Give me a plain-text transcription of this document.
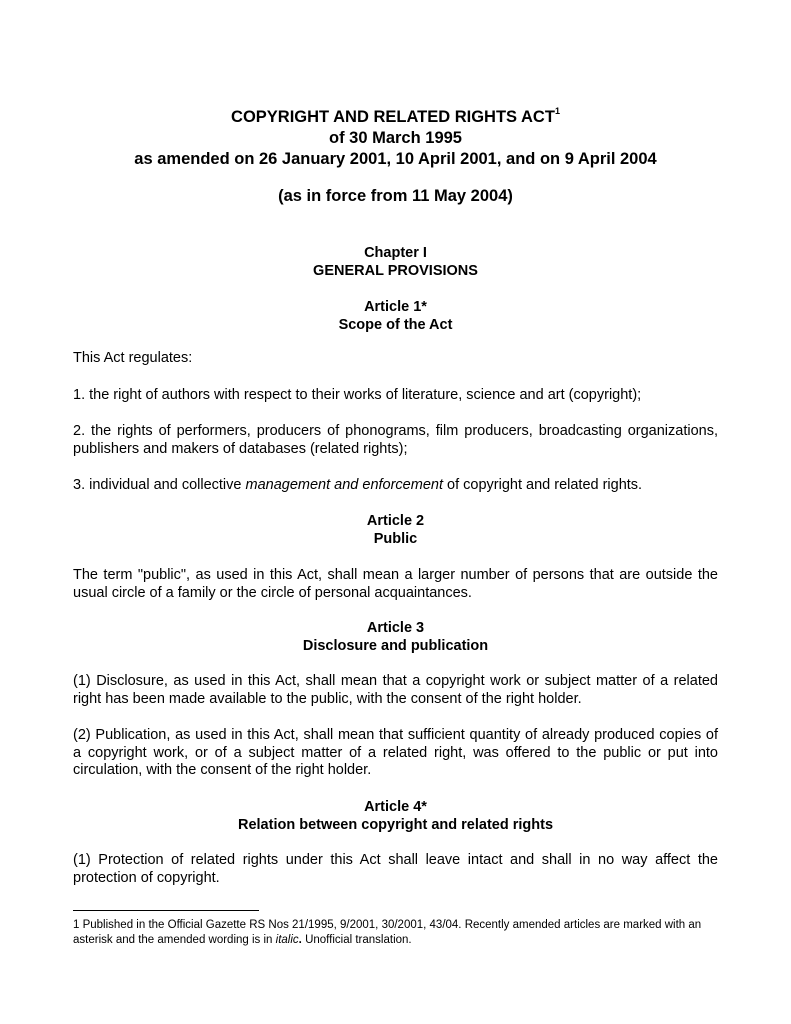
COPYRIGHT AND RELATED RIGHTS ACT$^1$
of 30 March 1995
as amended on 26 January 2001, 10 April 2001, and on 9 April 2004
(as in force from 11 May 2004)
Chapter I
GENERAL PROVISIONS
Article 1*
Scope of the Act
This Act regulates:
1. the right of authors with respect to their works of literature, science and art (copyright);
2. the rights of performers, producers of phonograms, film producers, broadcasting organizations, publishers and makers of databases (related rights);
3. individual and collective management and enforcement of copyright and related rights.
Article 2
Public
The term "public", as used in this Act, shall mean a larger number of persons that are outside the usual circle of a family or the circle of personal acquaintances.
Article 3
Disclosure and publication
(1) Disclosure, as used in this Act, shall mean that a copyright work or subject matter of a related right has been made available to the public, with the consent of the right holder.
(2) Publication, as used in this Act, shall mean that sufficient quantity of already produced copies of a copyright work, or of a subject matter of a related right, was offered to the public or put into circulation, with the consent of the right holder.
Article 4*
Relation between copyright and related rights
(1) Protection of related rights under this Act shall leave intact and shall in no way affect the protection of copyright.
1 Published in the Official Gazette RS Nos 21/1995, 9/2001, 30/2001, 43/04. Recently amended articles are marked with an asterisk and the amended wording is in italic. Unofficial translation.
